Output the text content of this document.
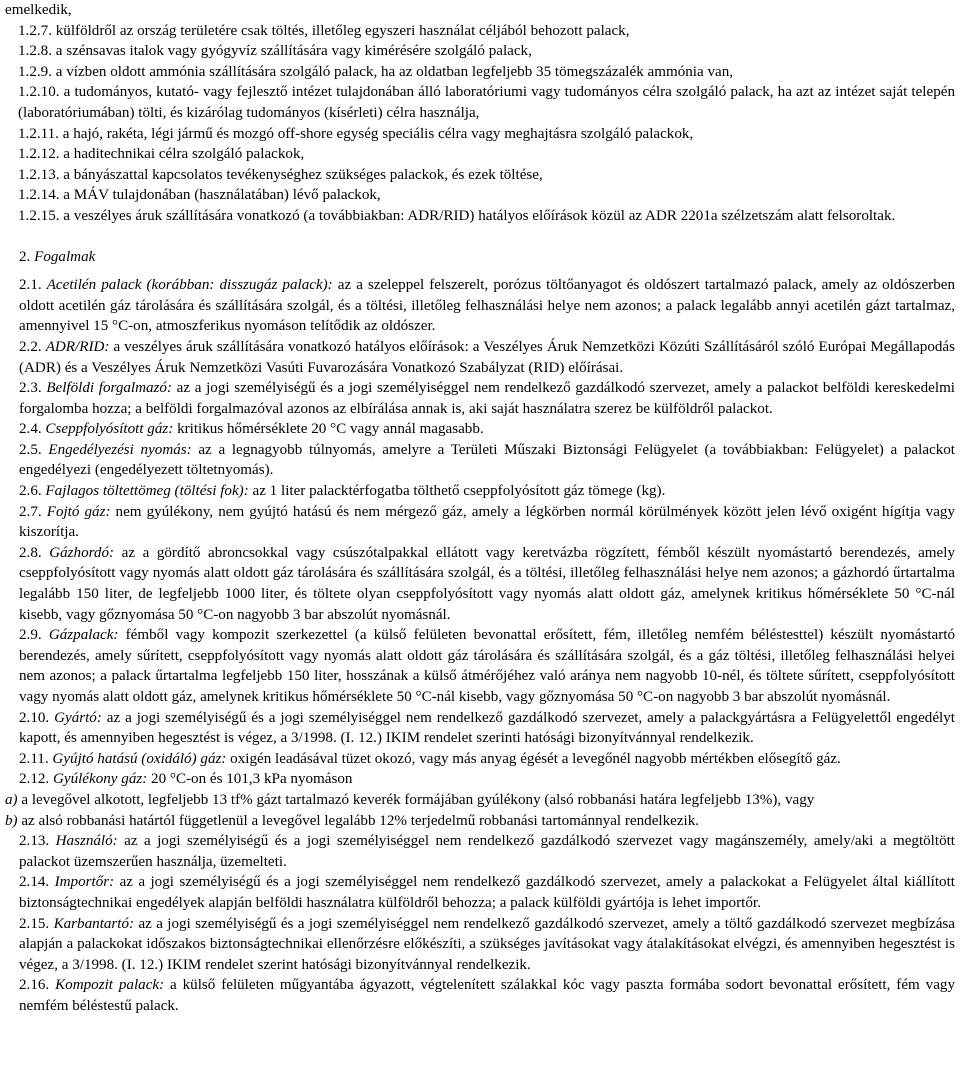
emelkedik,

1.2.7. külföldről az ország területére csak töltés, illetőleg egyszeri használat céljából behozott palack,

1.2.8. a szénsavas italok vagy gyógyvíz szállítására vagy kimérésére szolgáló palack,

1.2.9. a vízben oldott ammónia szállítására szolgáló palack, ha az oldatban legfeljebb 35 tömegszázalék ammónia van,

1.2.10. a tudományos, kutató- vagy fejlesztő intézet tulajdonában álló laboratóriumi vagy tudományos célra szolgáló palack, ha azt az intézet saját telepén (laboratóriumában) tölti, és kizárólag tudományos (kísérleti) célra használja,

1.2.11. a hajó, rakéta, légi jármű és mozgó off-shore egység speciális célra vagy meghajtásra szolgáló palackok,

1.2.12. a haditechnikai célra szolgáló palackok,

1.2.13. a bányászattal kapcsolatos tevékenységhez szükséges palackok, és ezek töltése,

1.2.14. a MÁV tulajdonában (használatában) lévő palackok,

1.2.15. a veszélyes áruk szállítására vonatkozó (a továbbiakban: ADR/RID) hatályos előírások közül az ADR 2201a szélzetszám alatt felsoroltak.

2. Fogalmak

2.1. Acetilén palack (korábban: disszugáz palack): az a szeleppel felszerelt, porózus töltőanyagot és oldószert tartalmazó palack, amely az oldószerben oldott acetilén gáz tárolására és szállítására szolgál, és a töltési, illetőleg felhasználási helye nem azonos; a palack legalább annyi acetilén gázt tartalmaz, amennyivel 15 °C-on, atmoszferikus nyomáson telítődik az oldószer.

2.2. ADR/RID: a veszélyes áruk szállítására vonatkozó hatályos előírások: a Veszélyes Áruk Nemzetközi Közúti Szállításáról szóló Európai Megállapodás (ADR) és a Veszélyes Áruk Nemzetközi Vasúti Fuvarozására Vonatkozó Szabályzat (RID) előírásai.

2.3. Belföldi forgalmazó: az a jogi személyiségű és a jogi személyiséggel nem rendelkező gazdálkodó szervezet, amely a palackot belföldi kereskedelmi forgalomba hozza; a belföldi forgalmazóval azonos az elbírálása annak is, aki saját használatra szerez be külföldről palackot.

2.4. Cseppfolyósított gáz: kritikus hőmérséklete 20 °C vagy annál magasabb.

2.5. Engedélyezési nyomás: az a legnagyobb túlnyomás, amelyre a Területi Műszaki Biztonsági Felügyelet (a továbbiakban: Felügyelet) a palackot engedélyezi (engedélyezett töltetnyomás).

2.6. Fajlagos töltettömeg (töltési fok): az 1 liter palacktérfogatba tölthető cseppfolyósított gáz tömege (kg).

2.7. Fojtó gáz: nem gyúlékony, nem gyújtó hatású és nem mérgező gáz, amely a légkörben normál körülmények között jelen lévő oxigént hígítja vagy kiszorítja.

2.8. Gázhordó: az a gördítő abroncsokkal vagy csúszótalpakkal ellátott vagy keretvázba rögzített, fémből készült nyomástartó berendezés, amely cseppfolyósított vagy nyomás alatt oldott gáz tárolására és szállítására szolgál, és a töltési, illetőleg felhasználási helye nem azonos; a gázhordó űrtartalma legalább 150 liter, de legfeljebb 1000 liter, és töltete olyan cseppfolyósított vagy nyomás alatt oldott gáz, amelynek kritikus hőmérséklete 50 °C-nál kisebb, vagy gőznyomása 50 °C-on nagyobb 3 bar abszolút nyomásnál.

2.9. Gázpalack: fémből vagy kompozit szerkezettel (a külső felületen bevonattal erősített, fém, illetőleg nemfém béléstesttel) készült nyomástartó berendezés, amely sűrített, cseppfolyósított vagy nyomás alatt oldott gáz tárolására és szállítására szolgál, és a gáz töltési, illetőleg felhasználási helyei nem azonos; a palack űrtartalma legfeljebb 150 liter, hosszának a külső átmérőjéhez való aránya nem nagyobb 10-nél, és töltete sűrített, cseppfolyósított vagy nyomás alatt oldott gáz, amelynek kritikus hőmérséklete 50 °C-nál kisebb, vagy gőznyomása 50 °C-on nagyobb 3 bar abszolút nyomásnál.

2.10. Gyártó: az a jogi személyiségű és a jogi személyiséggel nem rendelkező gazdálkodó szervezet, amely a palackgyártásra a Felügyelettől engedélyt kapott, és amennyiben hegesztést is végez, a 3/1998. (I. 12.) IKIM rendelet szerinti hatósági bizonyítvánnyal rendelkezik.

2.11. Gyújtó hatású (oxidáló) gáz: oxigén leadásával tüzet okozó, vagy más anyag égését a levegőnél nagyobb mértékben elősegítő gáz.

2.12. Gyúlékony gáz: 20 °C-on és 101,3 kPa nyomáson

a) a levegővel alkotott, legfeljebb 13 tf% gázt tartalmazó keverék formájában gyúlékony (alsó robbanási határa legfeljebb 13%), vagy

b) az alsó robbanási határtól függetlenül a levegővel legalább 12% terjedelmű robbanási tartománnyal rendelkezik.

2.13. Használó: az a jogi személyiségű és a jogi személyiséggel nem rendelkező gazdálkodó szervezet vagy magánszemély, amely/aki a megtöltött palackot üzemszerűen használja, üzemelteti.

2.14. Importőr: az a jogi személyiségű és a jogi személyiséggel nem rendelkező gazdálkodó szervezet, amely a palackokat a Felügyelet által kiállított biztonságtechnikai engedélyek alapján belföldi használatra külföldről behozza; a palack külföldi gyártója is lehet importőr.

2.15. Karbantartó: az a jogi személyiségű és a jogi személyiséggel nem rendelkező gazdálkodó szervezet, amely a töltő gazdálkodó szervezet megbízása alapján a palackokat időszakos biztonságtechnikai ellenőrzésre előkészíti, a szükséges javításokat vagy átalakításokat elvégzi, és amennyiben hegesztést is végez, a 3/1998. (I. 12.) IKIM rendelet szerint hatósági bizonyítvánnyal rendelkezik.

2.16. Kompozit palack: a külső felületen műgyantába ágyazott, végtelenített szálakkal kóc vagy paszta formába sodort bevonattal erősített, fém vagy nemfém béléstestű palack.
